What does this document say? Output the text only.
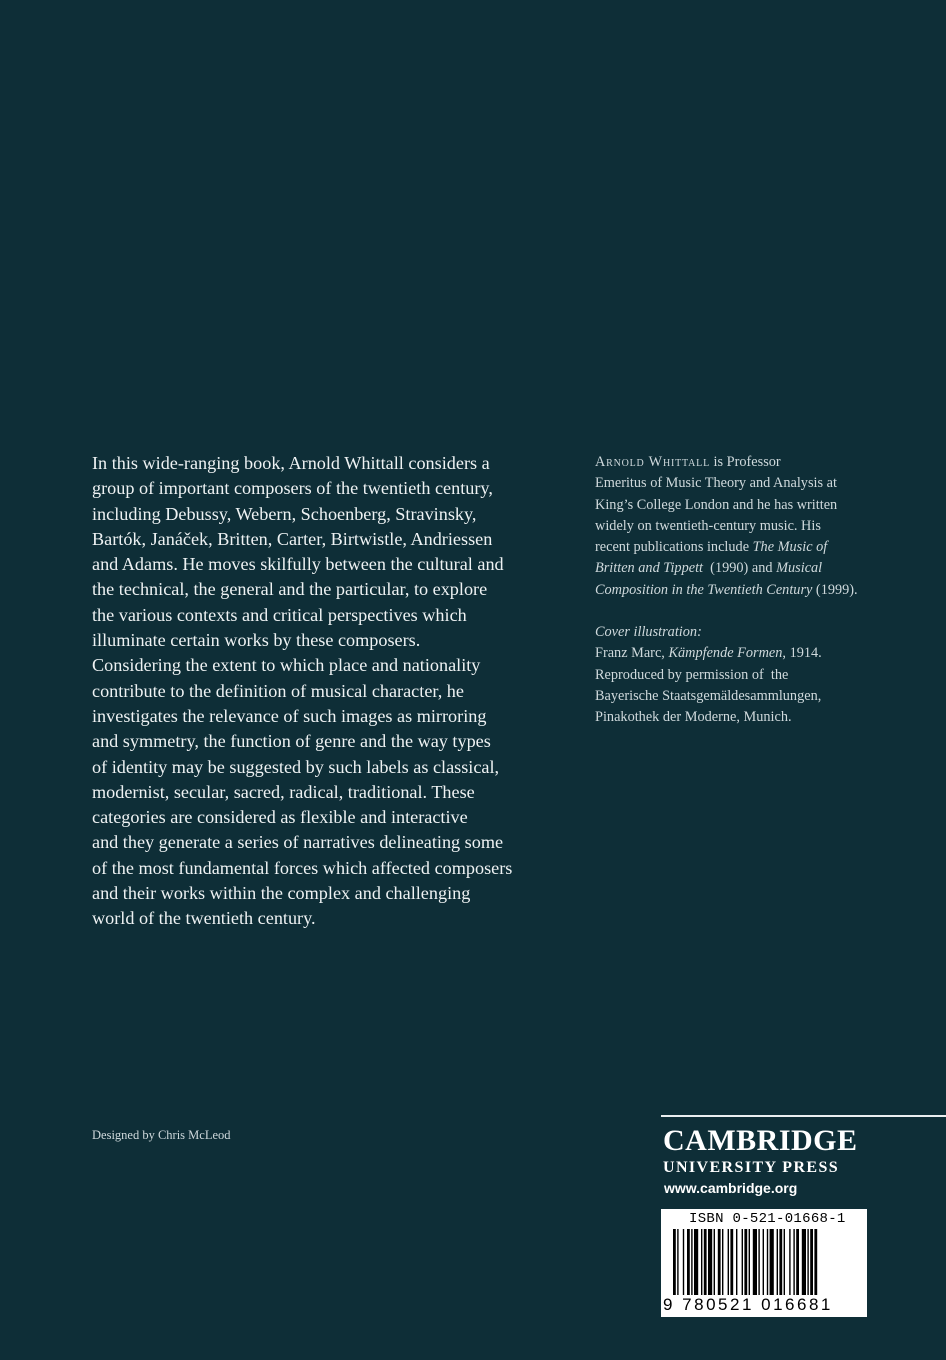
In this wide-ranging book, Arnold Whittall considers a
group of important composers of the twentieth century,
including Debussy, Webern, Schoenberg, Stravinsky,
Bartók, Janáček, Britten, Carter, Birtwistle, Andriessen
and Adams. He moves skilfully between the cultural and
the technical, the general and the particular, to explore
the various contexts and critical perspectives which
illuminate certain works by these composers.
Considering the extent to which place and nationality
contribute to the definition of musical character, he
investigates the relevance of such images as mirroring
and symmetry, the function of genre and the way types
of identity may be suggested by such labels as classical,
modernist, secular, sacred, radical, traditional. These
categories are considered as flexible and interactive
and they generate a series of narratives delineating some
of the most fundamental forces which affected composers
and their works within the complex and challenging
world of the twentieth century.
Arnold Whittall is Professor
Emeritus of Music Theory and Analysis at
King’s College London and he has written
widely on twentieth-century music. His
recent publications include The Music of
Britten and Tippett  (1990) and Musical
Composition in the Twentieth Century (1999).
Cover illustration:
Franz Marc, Kämpfende Formen, 1914.
Reproduced by permission of  the
Bayerische Staatsgemäldesammlungen,
Pinakothek der Moderne, Munich.
Designed by Chris McLeod	CAMBRIDGE
UNIVERSITY PRESS
www.cambridge.org
ISBN 0-521-01668-1
9 780521 016681
